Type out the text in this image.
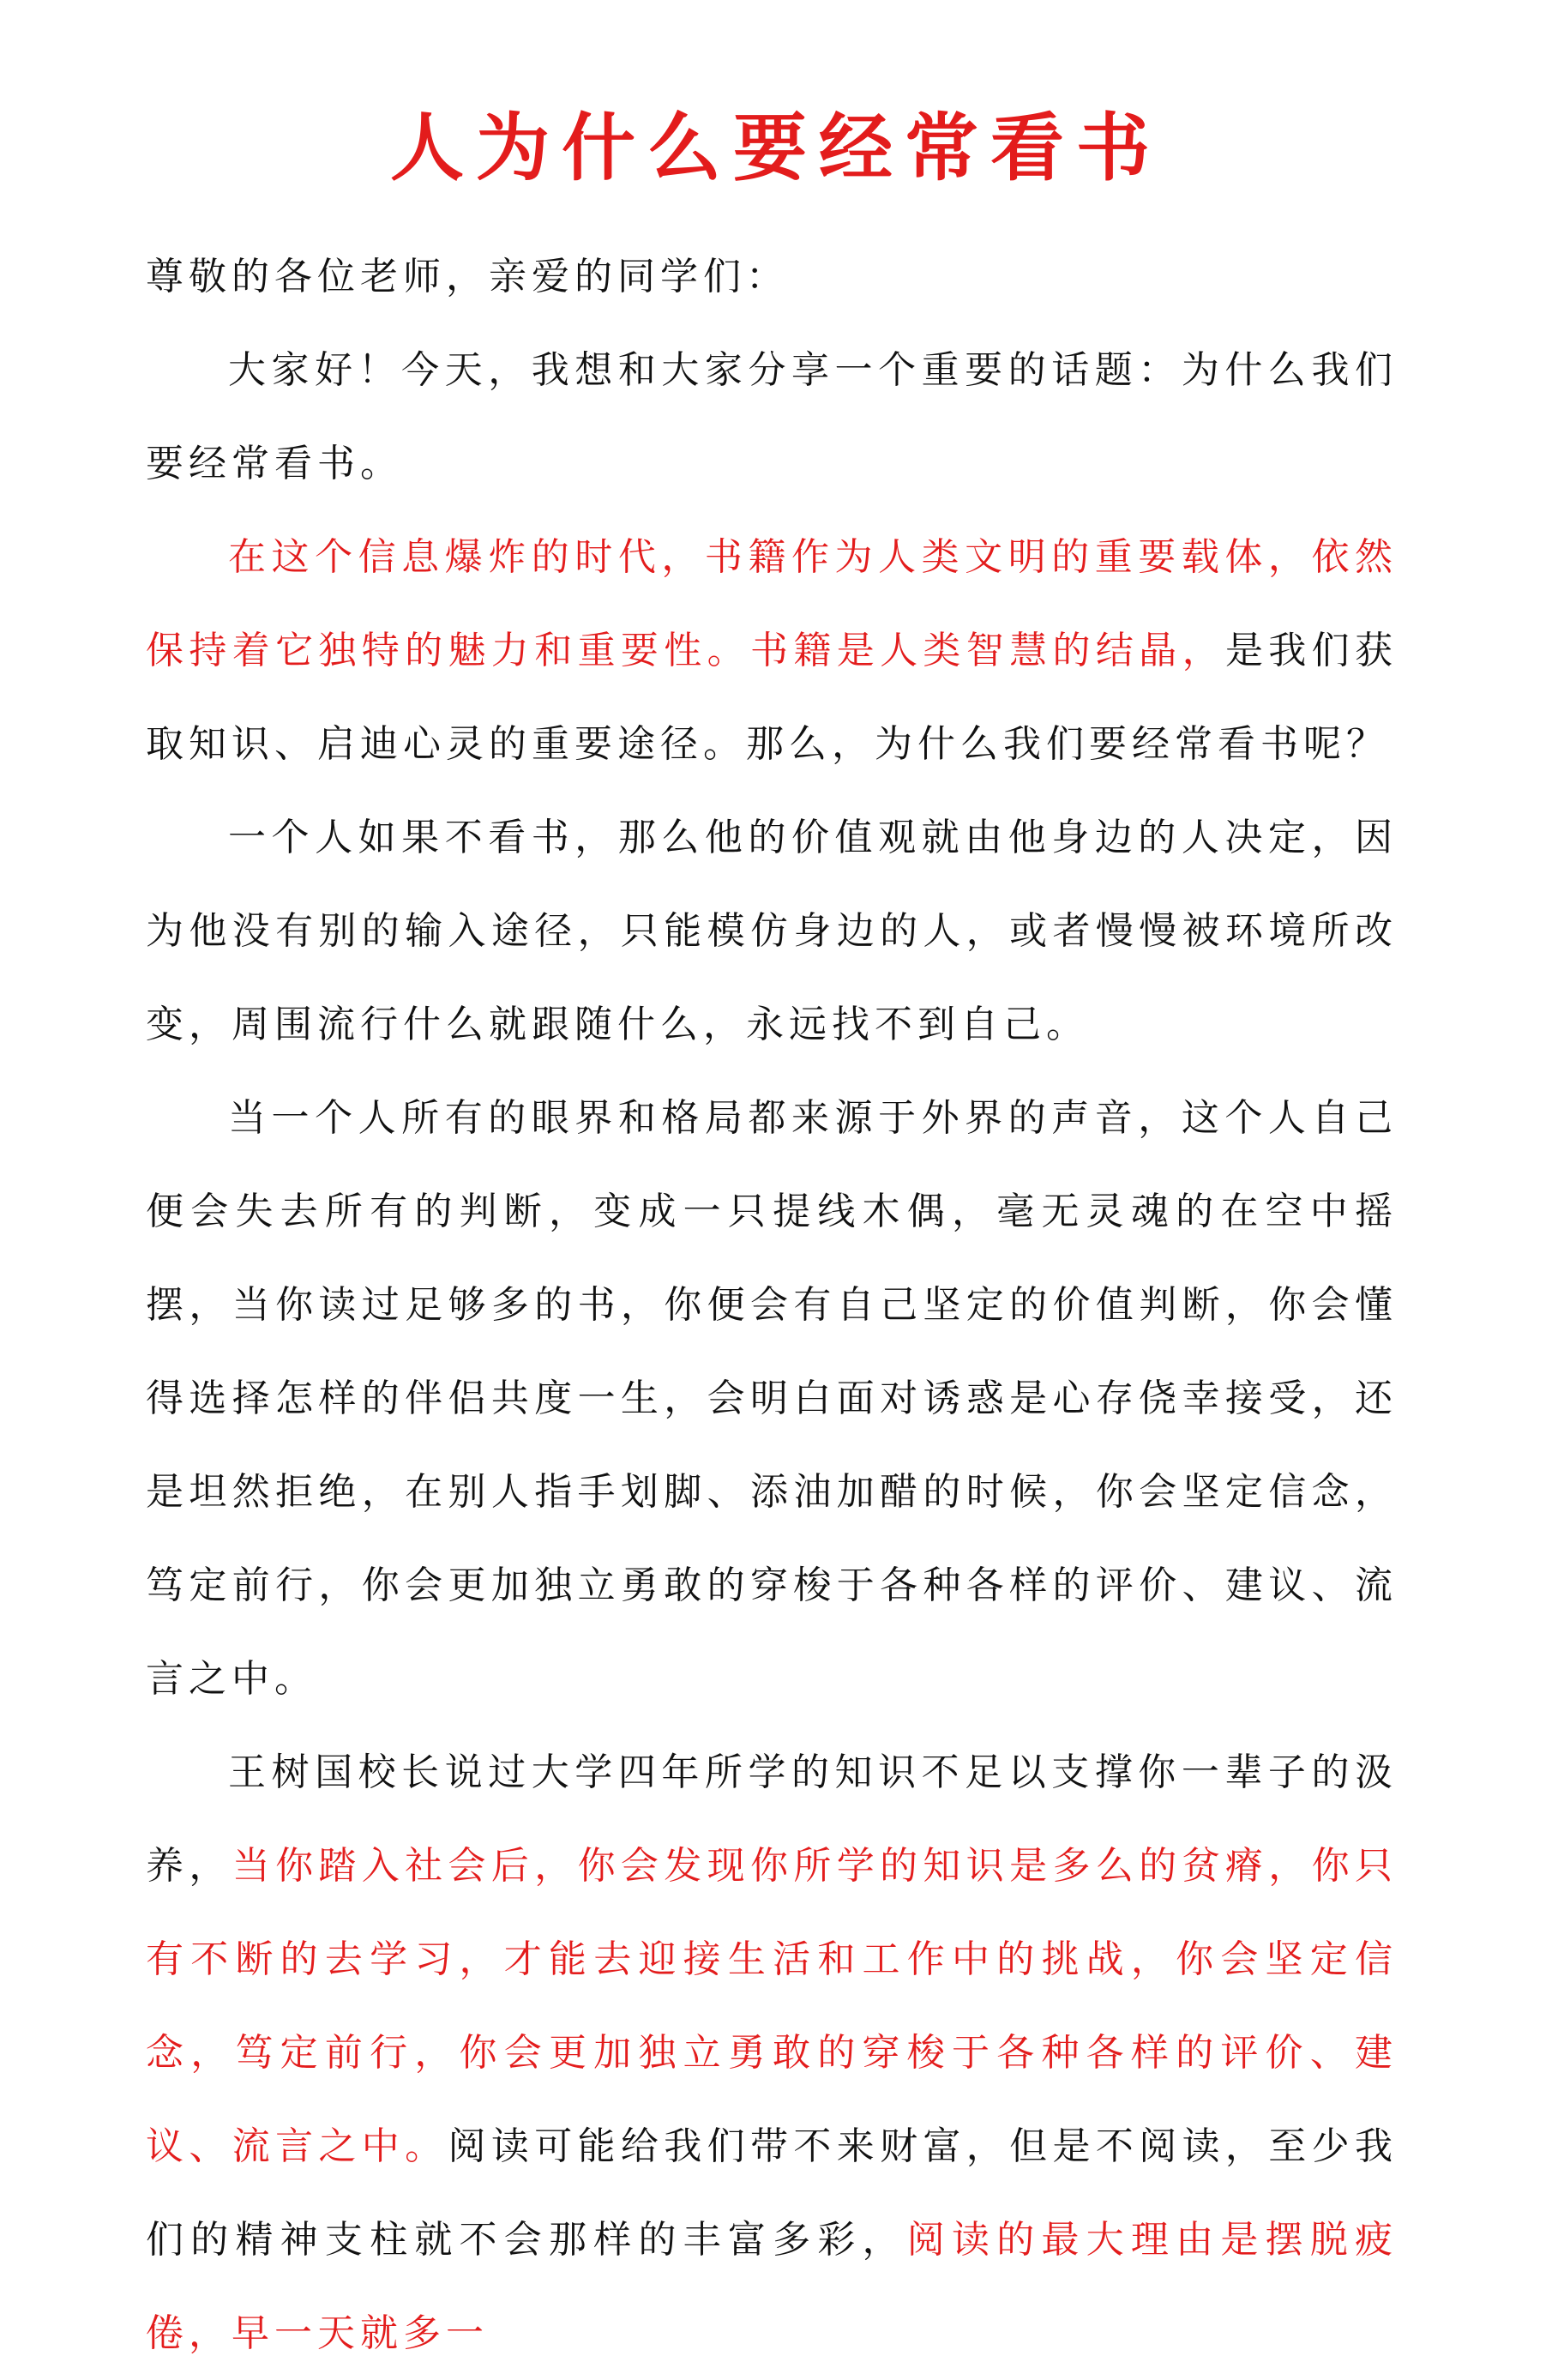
人为什么要经常看书

尊敬的各位老师，亲爱的同学们：

大家好！今天，我想和大家分享一个重要的话题：为什么我们要经常看书。

在这个信息爆炸的时代，书籍作为人类文明的重要载体，依然保持着它独特的魅力和重要性。书籍是人类智慧的结晶，是我们获取知识、启迪心灵的重要途径。那么，为什么我们要经常看书呢？

一个人如果不看书，那么他的价值观就由他身边的人决定，因为他没有别的输入途径，只能模仿身边的人，或者慢慢被环境所改变，周围流行什么就跟随什么，永远找不到自己。

当一个人所有的眼界和格局都来源于外界的声音，这个人自己便会失去所有的判断，变成一只提线木偶，毫无灵魂的在空中摇摆，当你读过足够多的书，你便会有自己坚定的价值判断，你会懂得选择怎样的伴侣共度一生，会明白面对诱惑是心存侥幸接受，还是坦然拒绝，在别人指手划脚、添油加醋的时候，你会坚定信念，笃定前行，你会更加独立勇敢的穿梭于各种各样的评价、建议、流言之中。

王树国校长说过大学四年所学的知识不足以支撑你一辈子的汲养，当你踏入社会后，你会发现你所学的知识是多么的贫瘠，你只有不断的去学习，才能去迎接生活和工作中的挑战，你会坚定信念，笃定前行，你会更加独立勇敢的穿梭于各种各样的评价、建议、流言之中。阅读可能给我们带不来财富，但是不阅读，至少我们的精神支柱就不会那样的丰富多彩，阅读的最大理由是摆脱疲倦，早一天就多一
